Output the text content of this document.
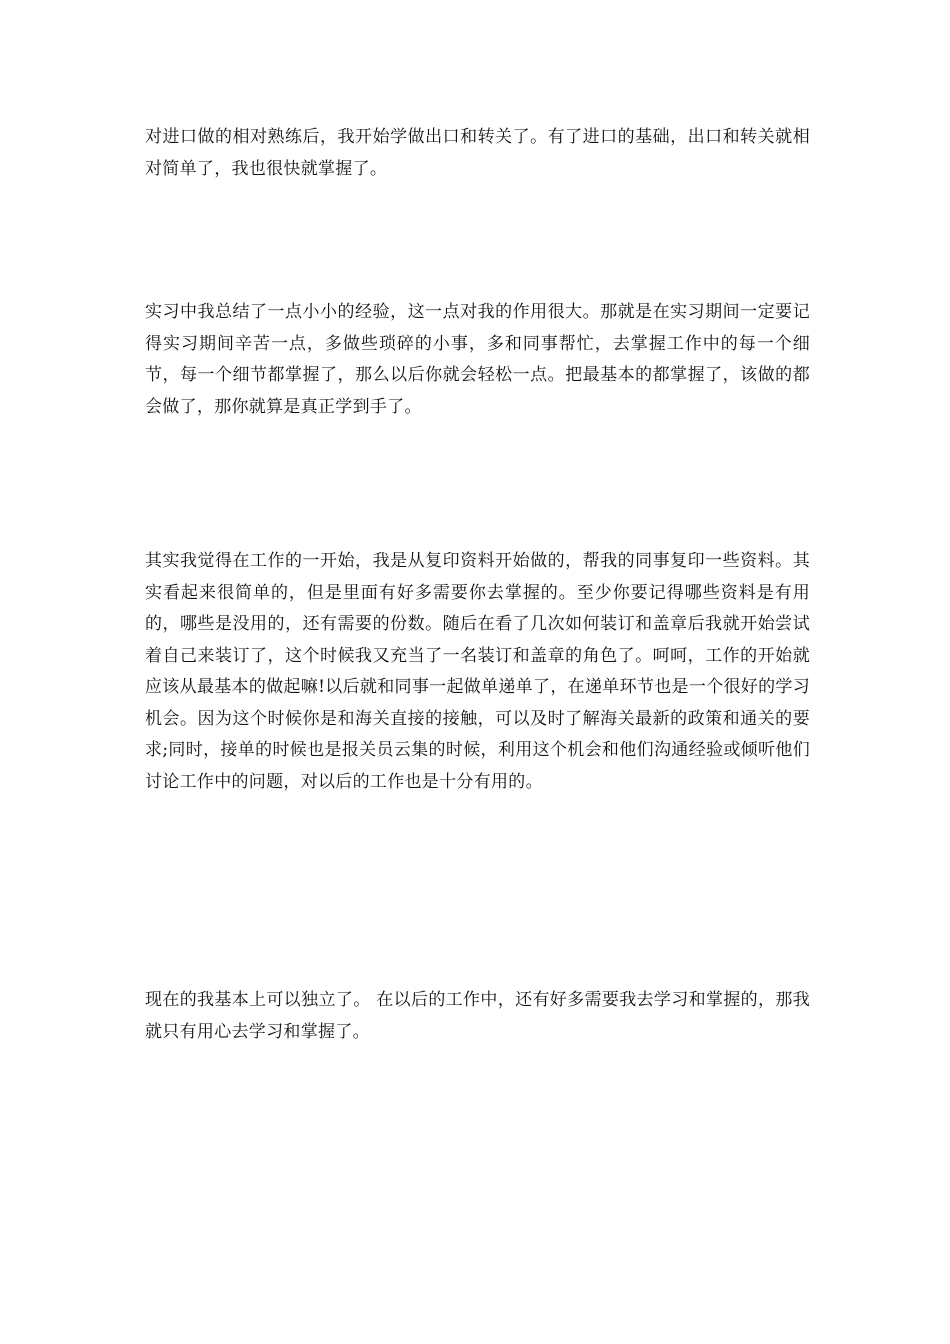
对进口做的相对熟练后，我开始学做出口和转关了。有了进口的基础，出口和转关就相对简单了，我也很快就掌握了。

实习中我总结了一点小小的经验，这一点对我的作用很大。那就是在实习期间一定要记得实习期间辛苦一点，多做些琐碎的小事，多和同事帮忙，去掌握工作中的每一个细节，每一个细节都掌握了，那么以后你就会轻松一点。把最基本的都掌握了，该做的都会做了，那你就算是真正学到手了。

其实我觉得在工作的一开始，我是从复印资料开始做的，帮我的同事复印一些资料。其实看起来很简单的，但是里面有好多需要你去掌握的。至少你要记得哪些资料是有用的，哪些是没用的，还有需要的份数。随后在看了几次如何装订和盖章后我就开始尝试着自己来装订了，这个时候我又充当了一名装订和盖章的角色了。呵呵，工作的开始就应该从最基本的做起嘛!以后就和同事一起做单递单了，在递单环节也是一个很好的学习机会。因为这个时候你是和海关直接的接触，可以及时了解海关最新的政策和通关的要求;同时，接单的时候也是报关员云集的时候，利用这个机会和他们沟通经验或倾听他们讨论工作中的问题，对以后的工作也是十分有用的。

现在的我基本上可以独立了。 在以后的工作中，还有好多需要我去学习和掌握的，那我就只有用心去学习和掌握了。
